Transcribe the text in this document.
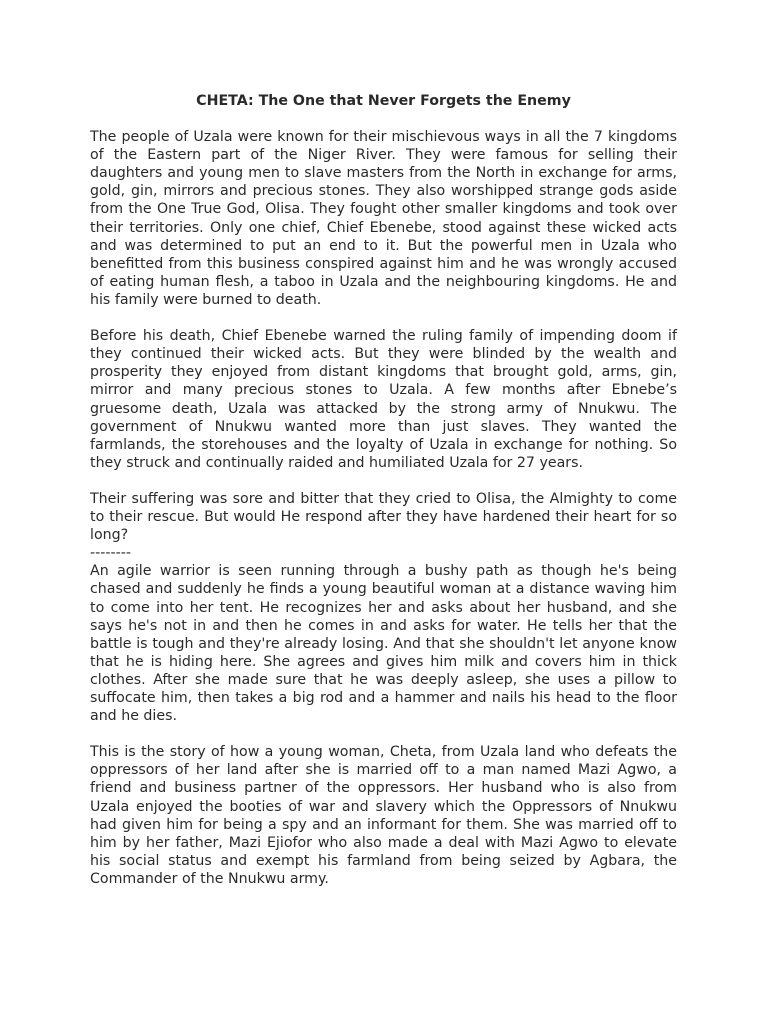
CHETA: The One that Never Forgets the Enemy

The people of Uzala were known for their mischievous ways in all the 7 kingdoms of the Eastern part of the Niger River. They were famous for selling their daughters and young men to slave masters from the North in exchange for arms, gold, gin, mirrors and precious stones. They also worshipped strange gods aside from the One True God, Olisa. They fought other smaller kingdoms and took over their territories. Only one chief, Chief Ebenebe, stood against these wicked acts and was determined to put an end to it. But the powerful men in Uzala who benefitted from this business conspired against him and he was wrongly accused of eating human flesh, a taboo in Uzala and the neighbouring kingdoms. He and his family were burned to death.

Before his death, Chief Ebenebe warned the ruling family of impending doom if they continued their wicked acts. But they were blinded by the wealth and prosperity they enjoyed from distant kingdoms that brought gold, arms, gin, mirror and many precious stones to Uzala. A few months after Ebnebe’s gruesome death, Uzala was attacked by the strong army of Nnukwu. The government of Nnukwu wanted more than just slaves. They wanted the farmlands, the storehouses and the loyalty of Uzala in exchange for nothing. So they struck and continually raided and humiliated Uzala for 27 years.

Their suffering was sore and bitter that they cried to Olisa, the Almighty to come to their rescue. But would He respond after they have hardened their heart for so long?

--------

An agile warrior is seen running through a bushy path as though he's being chased and suddenly he finds a young beautiful woman at a distance waving him to come into her tent. He recognizes her and asks about her husband, and she says he's not in and then he comes in and asks for water. He tells her that the battle is tough and they're already losing. And that she shouldn't let anyone know that he is hiding here. She agrees and gives him milk and covers him in thick clothes. After she made sure that he was deeply asleep, she uses a pillow to suffocate him, then takes a big rod and a hammer and nails his head to the floor and he dies.

This is the story of how a young woman, Cheta, from Uzala land who defeats the oppressors of her land after she is married off to a man named Mazi Agwo, a friend and business partner of the oppressors. Her husband who is also from Uzala enjoyed the booties of war and slavery which the Oppressors of Nnukwu had given him for being a spy and an informant for them. She was married off to him by her father, Mazi Ejiofor who also made a deal with Mazi Agwo to elevate his social status and exempt his farmland from being seized by Agbara, the Commander of the Nnukwu army.
